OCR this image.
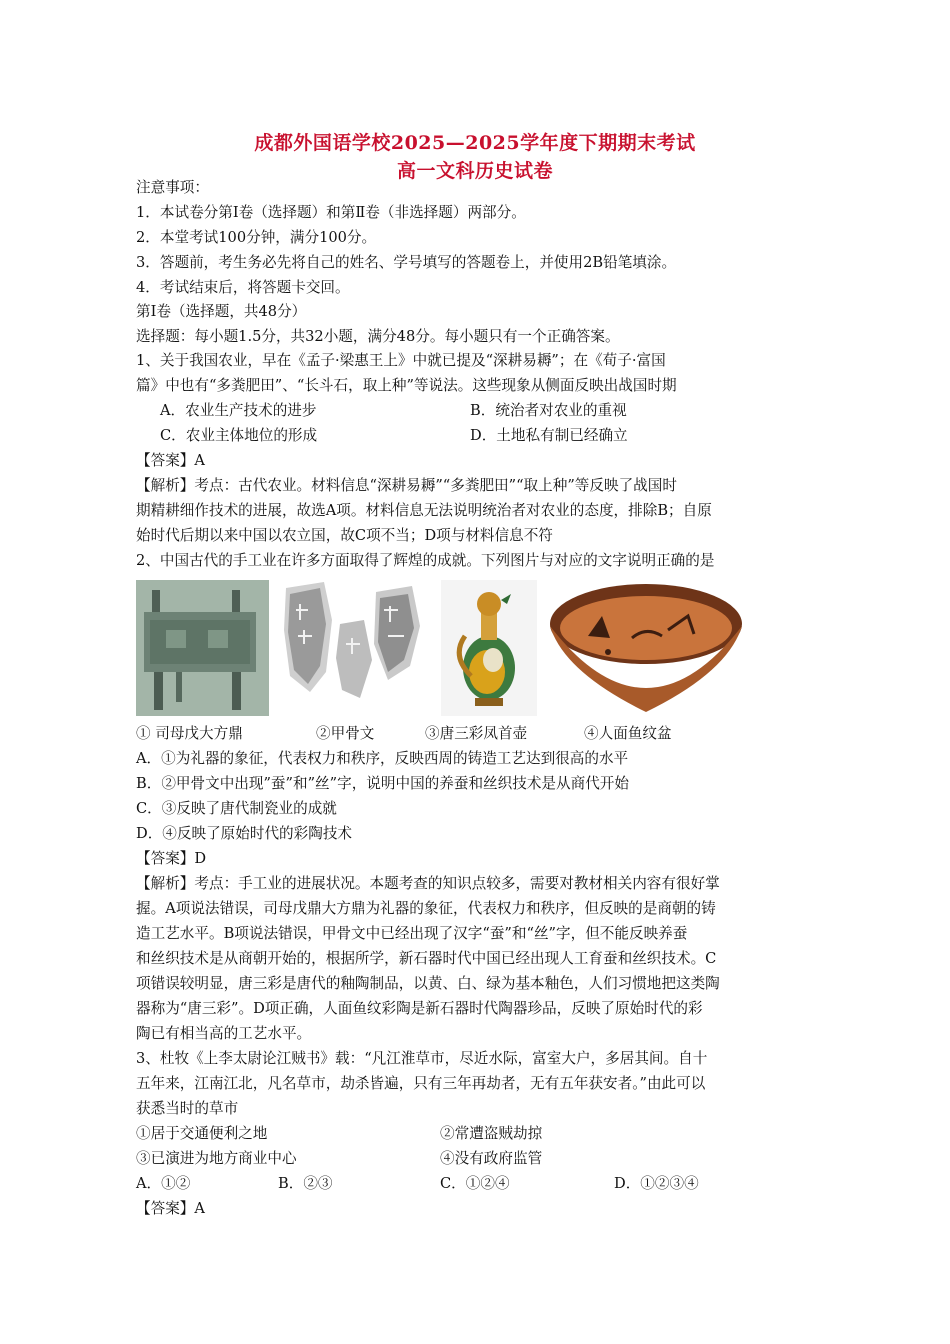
成都外国语学校2025—2025学年度下期期末考试
高一文科历史试卷
注意事项：
1．本试卷分第Ⅰ卷（选择题）和第Ⅱ卷（非选择题）两部分。
2．本堂考试100分钟，满分100分。
3．答题前，考生务必先将自己的姓名、学号填写的答题卷上，并使用2B铅笔填涂。
4．考试结束后，将答题卡交回。
第Ⅰ卷（选择题，共48分）
选择题：每小题1.5分，共32小题，满分48分。每小题只有一个正确答案。
1、关于我国农业，早在《孟子·梁惠王上》中就已提及“深耕易耨”；在《荀子·富国
篇》中也有“多粪肥田”、“长斗石，取上种”等说法。这些现象从侧面反映出战国时期
A．农业生产技术的进步	B．统治者对农业的重视
C．农业主体地位的形成	D．土地私有制已经确立
【答案】A
【解析】考点：古代农业。材料信息“深耕易耨”“多粪肥田”“取上种”等反映了战国时
期精耕细作技术的进展，故选A项。材料信息无法说明统治者对农业的态度，排除B；自原
始时代后期以来中国以农立国，故C项不当；D项与材料信息不符
2、中国古代的手工业在许多方面取得了辉煌的成就。下列图片与对应的文字说明正确的是
① 司母戊大方鼎	②甲骨文	③唐三彩凤首壶	④人面鱼纹盆
A．①为礼器的象征，代表权力和秩序，反映西周的铸造工艺达到很高的水平
B．②甲骨文中出现”蚕”和”丝”字，说明中国的养蚕和丝织技术是从商代开始
C．③反映了唐代制瓷业的成就
D．④反映了原始时代的彩陶技术
【答案】D
【解析】考点：手工业的进展状况。本题考查的知识点较多，需要对教材相关内容有很好掌
握。A项说法错误，司母戊鼎大方鼎为礼器的象征，代表权力和秩序，但反映的是商朝的铸
造工艺水平。B项说法错误，甲骨文中已经出现了汉字“蚕”和“丝”字，但不能反映养蚕
和丝织技术是从商朝开始的，根据所学，新石器时代中国已经出现人工育蚕和丝织技术。C
项错误较明显，唐三彩是唐代的釉陶制品，以黄、白、绿为基本釉色，人们习惯地把这类陶
器称为“唐三彩”。D项正确，人面鱼纹彩陶是新石器时代陶器珍品，反映了原始时代的彩
陶已有相当高的工艺水平。
3、杜牧《上李太尉论江贼书》载：“凡江淮草市，尽近水际，富室大户，多居其间。自十
五年来，江南江北，凡名草市，劫杀皆遍，只有三年再劫者，无有五年获安者。”由此可以
获悉当时的草市
①居于交通便利之地	②常遭盗贼劫掠
③已演进为地方商业中心	④没有政府监管
A．①②	B．②③	C．①②④	D．①②③④
【答案】A
